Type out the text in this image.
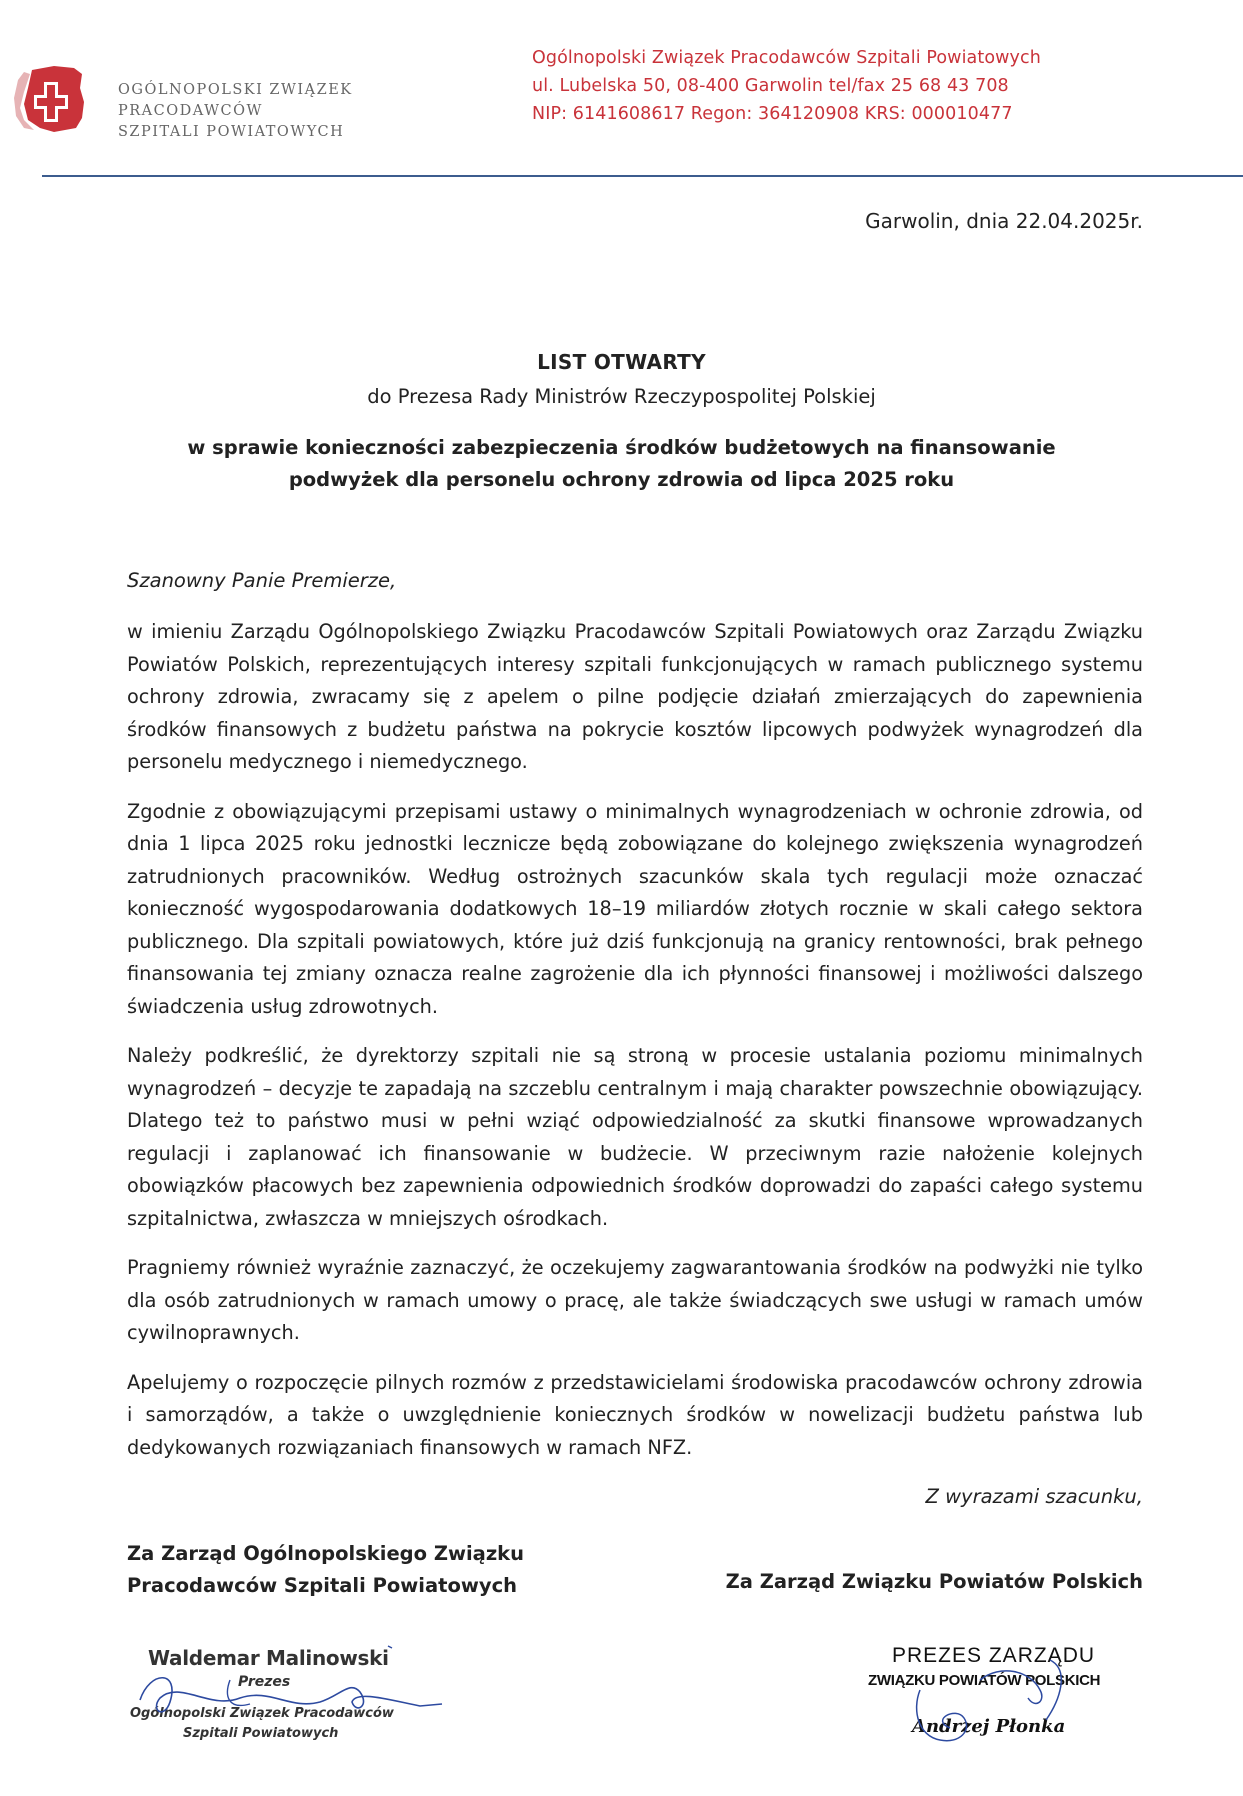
OGÓLNOPOLSKI ZWIĄZEK
PRACODAWCÓW
SZPITALI POWIATOWYCH
Ogólnopolski Związek Pracodawców Szpitali Powiatowych
ul. Lubelska 50, 08-400 Garwolin tel/fax 25 68 43 708
NIP: 6141608617 Regon: 364120908 KRS: 000010477
Garwolin, dnia 22.04.2025r.
LIST OTWARTY
do Prezesa Rady Ministrów Rzeczypospolitej Polskiej
w sprawie konieczności zabezpieczenia środków budżetowych na finansowanie podwyżek dla personelu ochrony zdrowia od lipca 2025 roku
Szanowny Panie Premierze,

w imieniu Zarządu Ogólnopolskiego Związku Pracodawców Szpitali Powiatowych oraz Zarządu Związku Powiatów Polskich, reprezentujących interesy szpitali funkcjonujących w ramach publicznego systemu ochrony zdrowia, zwracamy się z apelem o pilne podjęcie działań zmierzających do zapewnienia środków finansowych z budżetu państwa na pokrycie kosztów lipcowych podwyżek wynagrodzeń dla personelu medycznego i niemedycznego.

Zgodnie z obowiązującymi przepisami ustawy o minimalnych wynagrodzeniach w ochronie zdrowia, od dnia 1 lipca 2025 roku jednostki lecznicze będą zobowiązane do kolejnego zwiększenia wynagrodzeń zatrudnionych pracowników. Według ostrożnych szacunków skala tych regulacji może oznaczać konieczność wygospodarowania dodatkowych 18–19 miliardów złotych rocznie w skali całego sektora publicznego. Dla szpitali powiatowych, które już dziś funkcjonują na granicy rentowności, brak pełnego finansowania tej zmiany oznacza realne zagrożenie dla ich płynności finansowej i możliwości dalszego świadczenia usług zdrowotnych.

Należy podkreślić, że dyrektorzy szpitali nie są stroną w procesie ustalania poziomu minimalnych wynagrodzeń – decyzje te zapadają na szczeblu centralnym i mają charakter powszechnie obowiązujący. Dlatego też to państwo musi w pełni wziąć odpowiedzialność za skutki finansowe wprowadzanych regulacji i zaplanować ich finansowanie w budżecie. W przeciwnym razie nałożenie kolejnych obowiązków płacowych bez zapewnienia odpowiednich środków doprowadzi do zapaści całego systemu szpitalnictwa, zwłaszcza w mniejszych ośrodkach.

Pragniemy również wyraźnie zaznaczyć, że oczekujemy zagwarantowania środków na podwyżki nie tylko dla osób zatrudnionych w ramach umowy o pracę, ale także świadczących swe usługi w ramach umów cywilnoprawnych.

Apelujemy o rozpoczęcie pilnych rozmów z przedstawicielami środowiska pracodawców ochrony zdrowia i samorządów, a także o uwzględnienie koniecznych środków w nowelizacji budżetu państwa lub dedykowanych rozwiązaniach finansowych w ramach NFZ.

Z wyrazami szacunku,
Za Zarząd Ogólnopolskiego Związku
Pracodawców Szpitali Powiatowych	Za Zarząd Związku Powiatów Polskich
Waldemar Malinowski
Prezes
Ogólnopolski Związek Pracodawców
Szpitali Powiatowych
PREZES ZARZĄDU
ZWIĄZKU POWIATÓW POLSKICH
Andrzej Płonka
